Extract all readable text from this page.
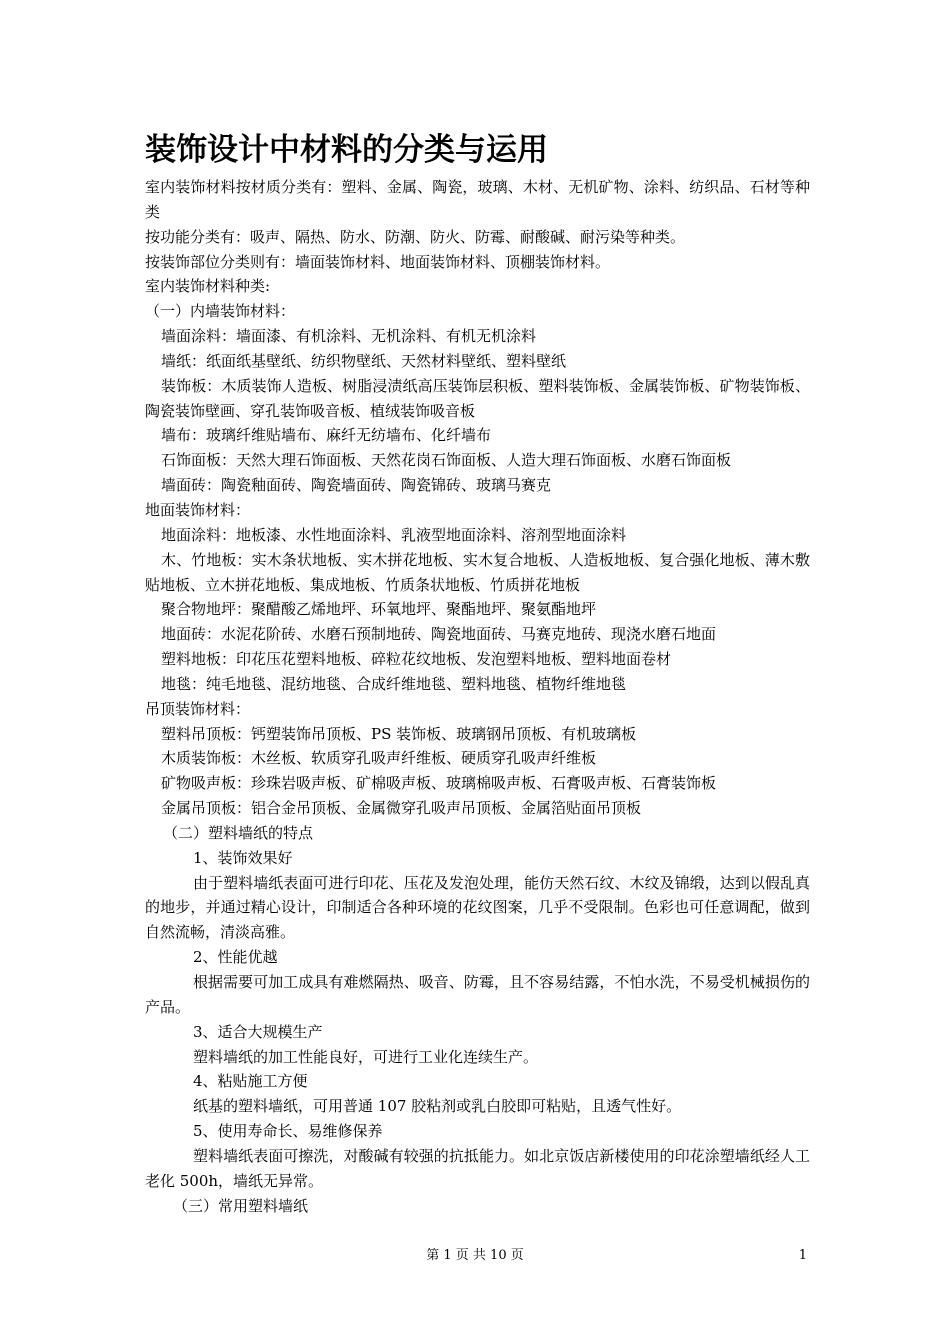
装饰设计中材料的分类与运用

室内装饰材料按材质分类有：塑料、金属、陶瓷，玻璃、木材、无机矿物、涂料、纺织品、石材等种类

按功能分类有：吸声、隔热、防水、防潮、防火、防霉、耐酸碱、耐污染等种类。

按装饰部位分类则有：墙面装饰材料、地面装饰材料、顶棚装饰材料。

室内装饰材料种类:

（一）内墙装饰材料：

墙面涂料：墙面漆、有机涂料、无机涂料、有机无机涂料

墙纸：纸面纸基壁纸、纺织物壁纸、天然材料壁纸、塑料壁纸

装饰板：木质装饰人造板、树脂浸渍纸高压装饰层积板、塑料装饰板、金属装饰板、矿物装饰板、陶瓷装饰壁画、穿孔装饰吸音板、植绒装饰吸音板

墙布：玻璃纤维贴墙布、麻纤无纺墙布、化纤墙布

石饰面板：天然大理石饰面板、天然花岗石饰面板、人造大理石饰面板、水磨石饰面板

墙面砖：陶瓷釉面砖、陶瓷墙面砖、陶瓷锦砖、玻璃马赛克

地面装饰材料：

地面涂料：地板漆、水性地面涂料、乳液型地面涂料、溶剂型地面涂料

木、竹地板：实木条状地板、实木拼花地板、实木复合地板、人造板地板、复合强化地板、薄木敷贴地板、立木拼花地板、集成地板、竹质条状地板、竹质拼花地板

聚合物地坪：聚醋酸乙烯地坪、环氧地坪、聚酯地坪、聚氨酯地坪

地面砖：水泥花阶砖、水磨石预制地砖、陶瓷地面砖、马赛克地砖、现浇水磨石地面

塑料地板：印花压花塑料地板、碎粒花纹地板、发泡塑料地板、塑料地面卷材

地毯：纯毛地毯、混纺地毯、合成纤维地毯、塑料地毯、植物纤维地毯

吊顶装饰材料：

塑料吊顶板：钙塑装饰吊顶板、PS 装饰板、玻璃钢吊顶板、有机玻璃板

木质装饰板：木丝板、软质穿孔吸声纤维板、硬质穿孔吸声纤维板

矿物吸声板：珍珠岩吸声板、矿棉吸声板、玻璃棉吸声板、石膏吸声板、石膏装饰板

金属吊顶板：铝合金吊顶板、金属微穿孔吸声吊顶板、金属箔贴面吊顶板

（二）塑料墙纸的特点

1、装饰效果好

由于塑料墙纸表面可进行印花、压花及发泡处理，能仿天然石纹、木纹及锦缎，达到以假乱真的地步，并通过精心设计，印制适合各种环境的花纹图案，几乎不受限制。色彩也可任意调配，做到自然流畅，清淡高雅。

2、性能优越

根据需要可加工成具有难燃隔热、吸音、防霉，且不容易结露，不怕水洗，不易受机械损伤的产品。

3、适合大规模生产

塑料墙纸的加工性能良好，可进行工业化连续生产。

4、粘贴施工方便

纸基的塑料墙纸，可用普通 107 胶粘剂或乳白胶即可粘贴，且透气性好。

5、使用寿命长、易维修保养

塑料墙纸表面可擦洗，对酸碱有较强的抗抵能力。如北京饭店新楼使用的印花涂塑墙纸经人工老化 500h，墙纸无异常。

（三）常用塑料墙纸

第 1 页 共 10 页	1
